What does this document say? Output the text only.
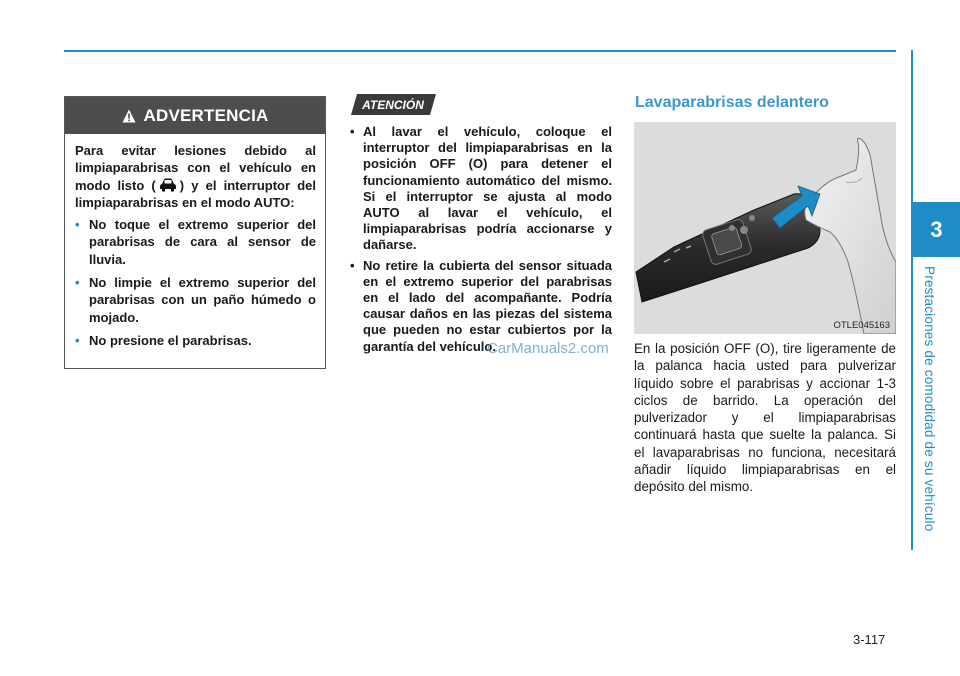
3
Prestaciones de comodidad de su vehículo
ADVERTENCIA

Para evitar lesiones debido al limpiaparabrisas con el vehículo en modo listo ( ) y el interruptor del limpiaparabrisas en el modo AUTO:

• No toque el extremo superior del parabrisas de cara al sensor de lluvia.
• No limpie el extremo superior del parabrisas con un paño húmedo o mojado.
• No presione el parabrisas.
ATENCIÓN
• Al lavar el vehículo, coloque el interruptor del limpiaparabrisas en la posición OFF (O) para detener el funcionamiento automático del mismo. Si el interruptor se ajusta al modo AUTO al lavar el vehículo, el limpiaparabrisas podría accionarse y dañarse.
• No retire la cubierta del sensor situada en el extremo superior del parabrisas en el lado del acompañante. Podría causar daños en las piezas del sistema que pueden no estar cubiertos por la garantía del vehículo.
CarManuals2.com
Lavaparabrisas delantero
OTLE045163

En la posición OFF (O), tire ligeramente de la palanca hacia usted para pulverizar líquido sobre el parabrisas y accionar 1-3 ciclos de barrido. La operación del pulverizador y el limpiaparabrisas continuará hasta que suelte la palanca. Si el lavaparabrisas no funciona, necesitará añadir líquido limpiaparabrisas en el depósito del mismo.

3-117
